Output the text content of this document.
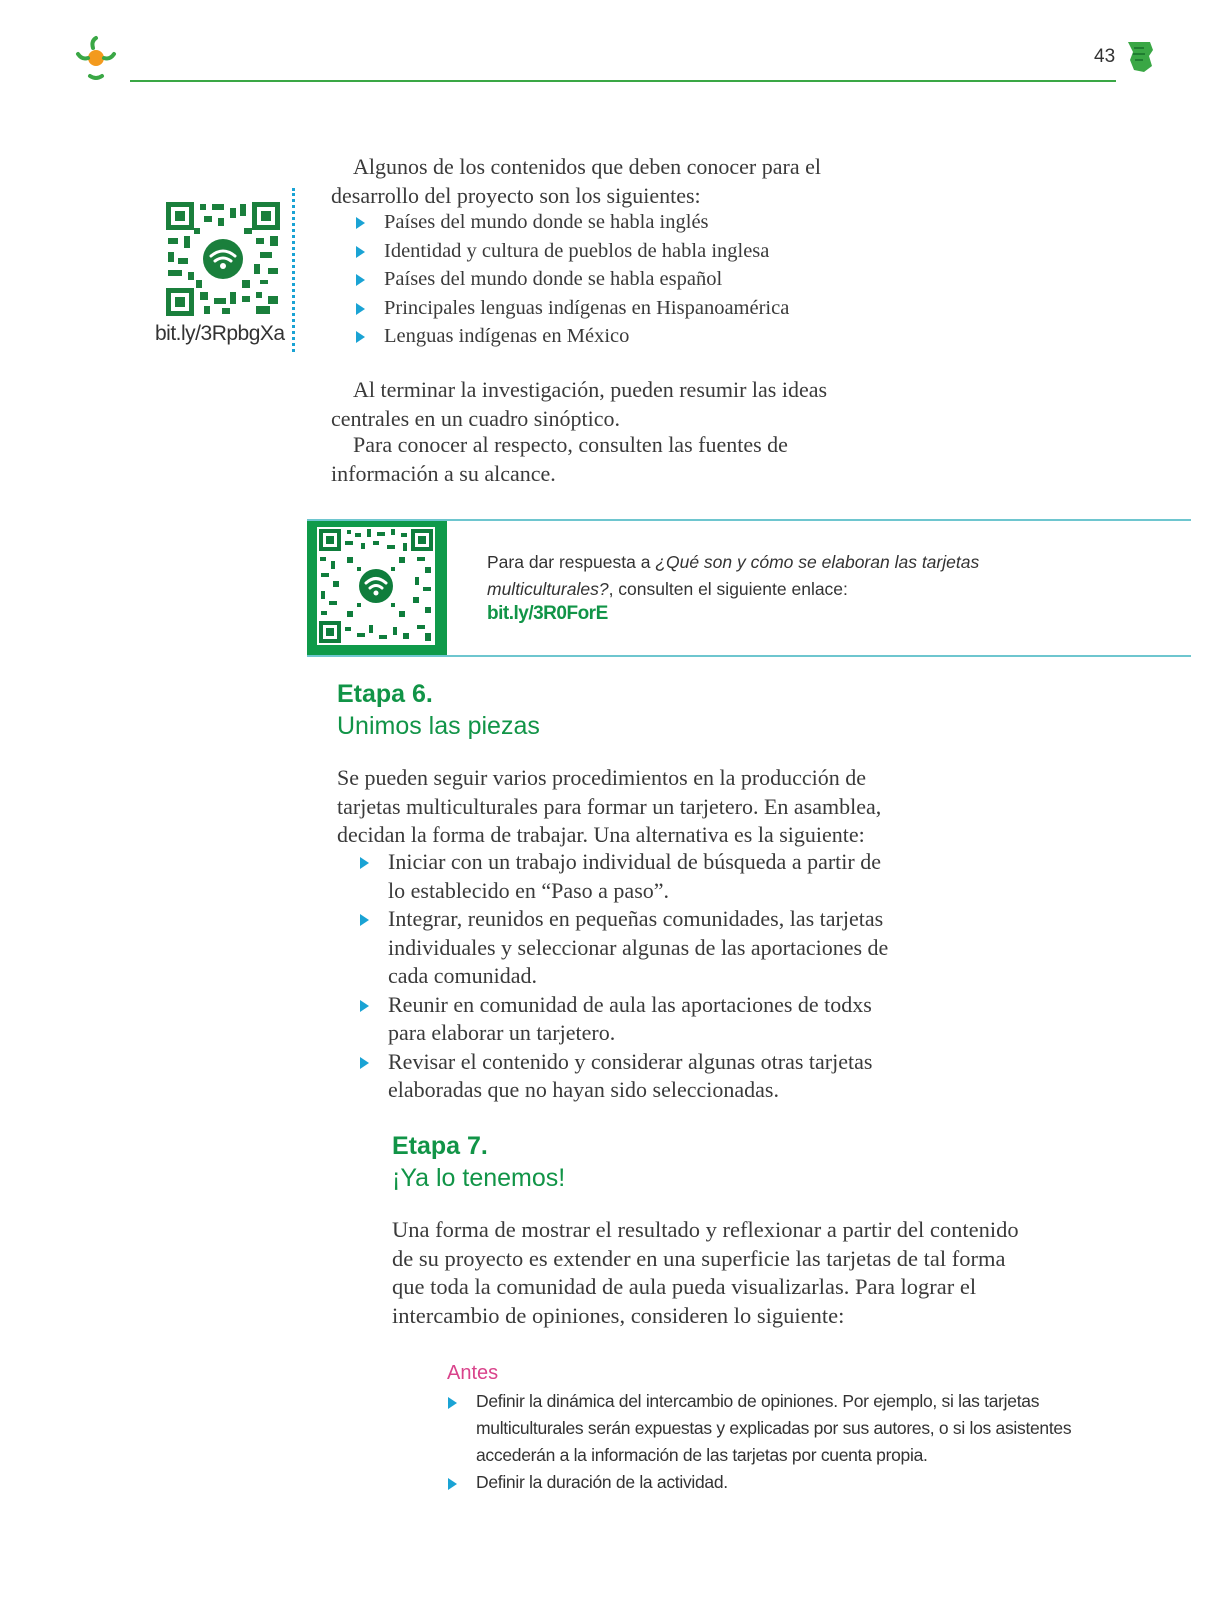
43
bit.ly/3RpbgXa
Algunos de los contenidos que deben conocer para el desarrollo del proyecto son los siguientes:
Países del mundo donde se habla inglés
Identidad y cultura de pueblos de habla inglesa
Países del mundo donde se habla español
Principales lenguas indígenas en Hispanoamérica
Lenguas indígenas en México
Al terminar la investigación, pueden resumir las ideas centrales en un cuadro sinóptico.
Para conocer al respecto, consulten las fuentes de información a su alcance.
Para dar respuesta a ¿Qué son y cómo se elaboran las tarjetas multiculturales?, consulten el siguiente enlace:
bit.ly/3R0ForE
Etapa 6.
Unimos las piezas
Se pueden seguir varios procedimientos en la producción de tarjetas multiculturales para formar un tarjetero. En asamblea, decidan la forma de trabajar. Una alternativa es la siguiente:
Iniciar con un trabajo individual de búsqueda a partir de lo establecido en “Paso a paso”.
Integrar, reunidos en pequeñas comunidades, las tarjetas individuales y seleccionar algunas de las aportaciones de cada comunidad.
Reunir en comunidad de aula las aportaciones de todxs para elaborar un tarjetero.
Revisar el contenido y considerar algunas otras tarjetas elaboradas que no hayan sido seleccionadas.
Etapa 7.
¡Ya lo tenemos!
Una forma de mostrar el resultado y reflexionar a partir del contenido de su proyecto es extender en una superficie las tarjetas de tal forma que toda la comunidad de aula pueda visualizarlas. Para lograr el intercambio de opiniones, consideren lo siguiente:
Antes
Definir la dinámica del intercambio de opiniones. Por ejemplo, si las tarjetas multiculturales serán expuestas y explicadas por sus autores, o si los asistentes accederán a la información de las tarjetas por cuenta propia.
Definir la duración de la actividad.
